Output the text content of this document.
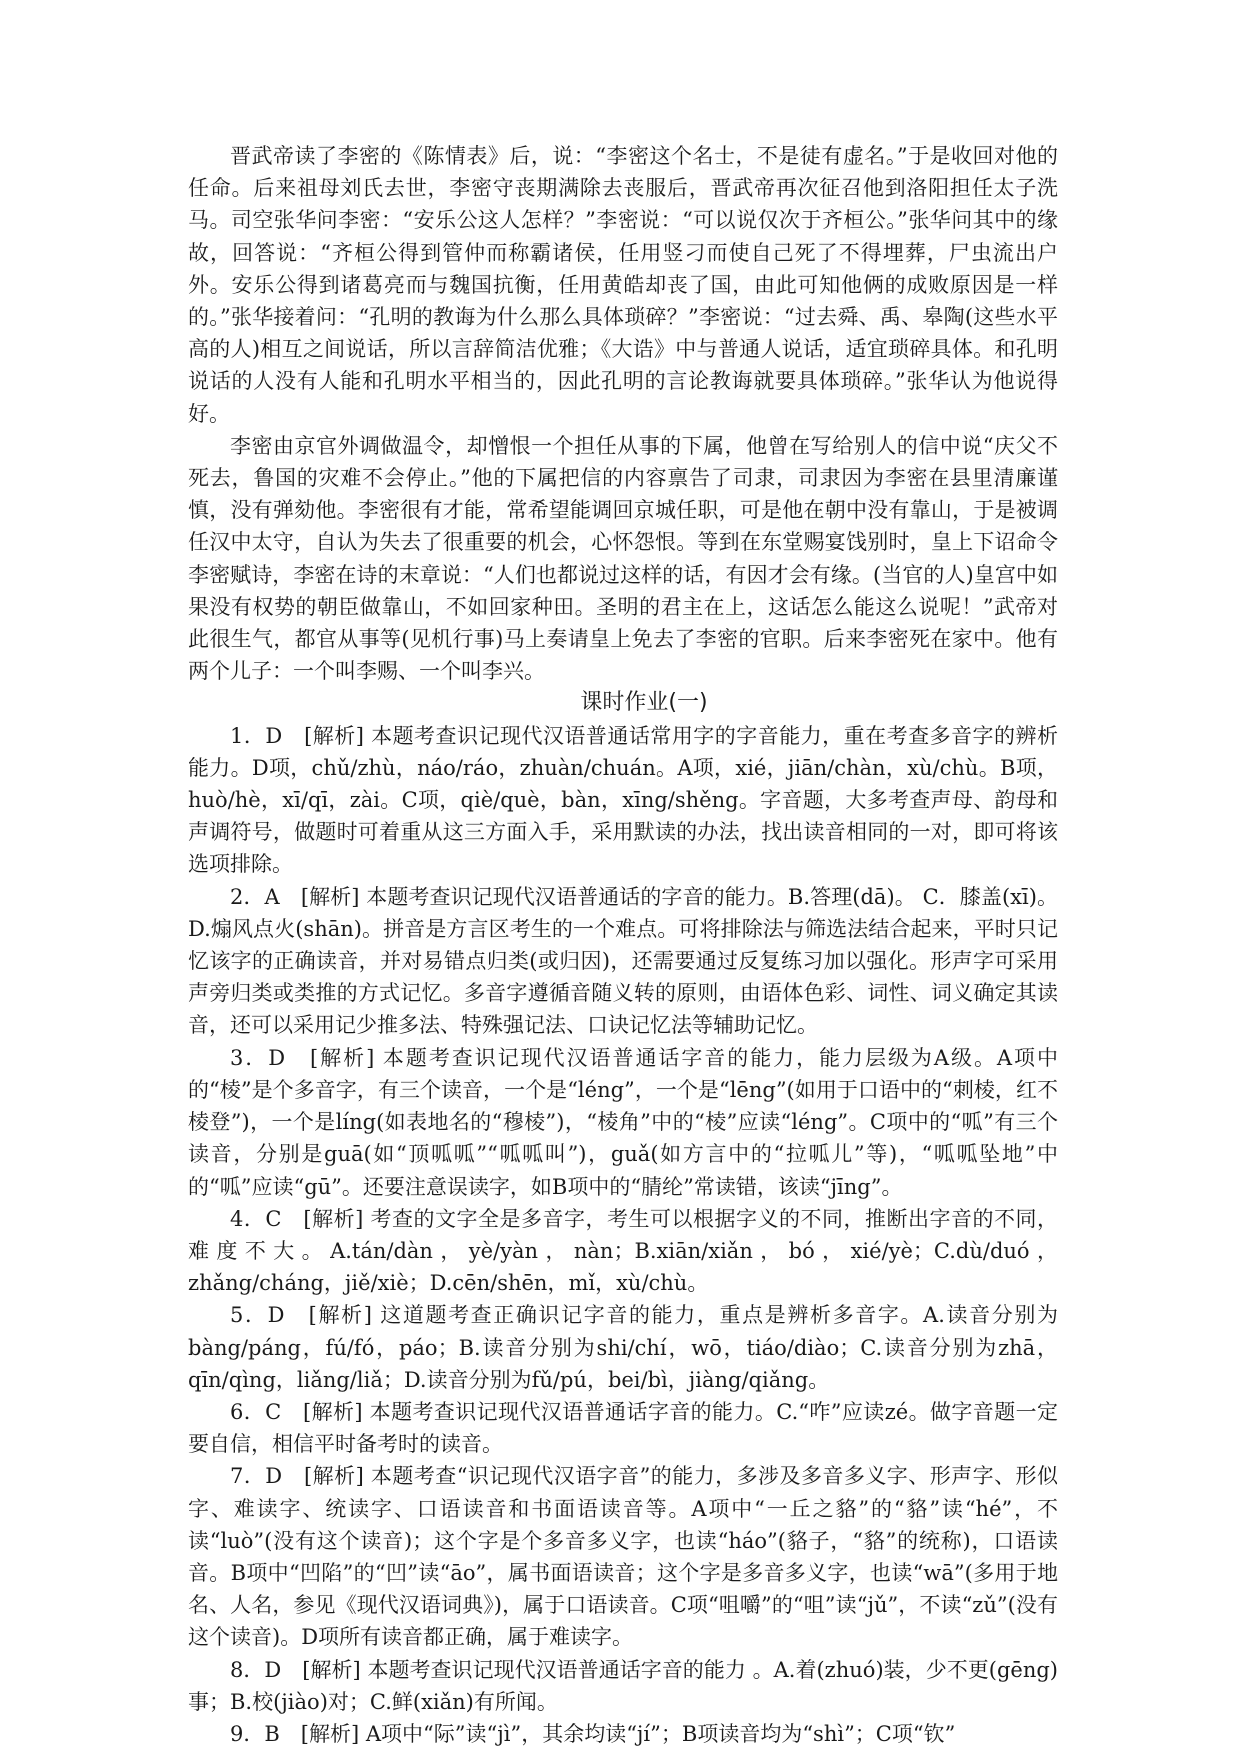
晋武帝读了李密的《陈情表》后，说：“李密这个名士，不是徒有虚名。”于是收回对他的任命。后来祖母刘氏去世，李密守丧期满除去丧服后，晋武帝再次征召他到洛阳担任太子洗马。司空张华问李密：“安乐公这人怎样？”李密说：“可以说仅次于齐桓公。”张华问其中的缘故，回答说：“齐桓公得到管仲而称霸诸侯，任用竖刁而使自己死了不得埋葬，尸虫流出户外。安乐公得到诸葛亮而与魏国抗衡，任用黄皓却丧了国，由此可知他俩的成败原因是一样的。”张华接着问：“孔明的教诲为什么那么具体琐碎？”李密说：“过去舜、禹、皋陶(这些水平高的人)相互之间说话，所以言辞简洁优雅；《大诰》中与普通人说话，适宜琐碎具体。和孔明说话的人没有人能和孔明水平相当的，因此孔明的言论教诲就要具体琐碎。”张华认为他说得好。

李密由京官外调做温令，却憎恨一个担任从事的下属，他曾在写给别人的信中说“庆父不死去，鲁国的灾难不会停止。”他的下属把信的内容禀告了司隶，司隶因为李密在县里清廉谨慎，没有弹劾他。李密很有才能，常希望能调回京城任职，可是他在朝中没有靠山，于是被调任汉中太守，自认为失去了很重要的机会，心怀怨恨。等到在东堂赐宴饯别时，皇上下诏命令李密赋诗，李密在诗的末章说：“人们也都说过这样的话，有因才会有缘。(当官的人)皇宫中如果没有权势的朝臣做靠山，不如回家种田。圣明的君主在上，这话怎么能这么说呢！”武帝对此很生气，都官从事等(见机行事)马上奏请皇上免去了李密的官职。后来李密死在家中。他有两个儿子：一个叫李赐、一个叫李兴。

课时作业(一)

1．D　[解析] 本题考查识记现代汉语普通话常用字的字音能力，重在考查多音字的辨析能力。D项，chǔ/zhù，náo/ráo，zhuàn/chuán。A项，xié，jiān/chàn，xù/chù。B项，huò/hè，xī/qī，zài。C项，qiè/què，bàn，xīng/shěng。字音题，大多考查声母、韵母和声调符号，做题时可着重从这三方面入手，采用默读的办法，找出读音相同的一对，即可将该选项排除。

2．A　[解析] 本题考查识记现代汉语普通话的字音的能力。B.答理(dā)。 C．膝盖(xī)。D.煽风点火(shān)。拼音是方言区考生的一个难点。可将排除法与筛选法结合起来，平时只记忆该字的正确读音，并对易错点归类(或归因)，还需要通过反复练习加以强化。形声字可采用声旁归类或类推的方式记忆。多音字遵循音随义转的原则，由语体色彩、词性、词义确定其读音，还可以采用记少推多法、特殊强记法、口诀记忆法等辅助记忆。

3．D　[解析] 本题考查识记现代汉语普通话字音的能力，能力层级为A级。A项中的“棱”是个多音字，有三个读音，一个是“léng”，一个是“lēng”(如用于口语中的“刺棱，红不棱登”)，一个是líng(如表地名的“穆棱”)，“棱角”中的“棱”应读“léng”。C项中的“呱”有三个读音，分别是guā(如“顶呱呱”“呱呱叫”)，guǎ(如方言中的“拉呱儿”等)，“呱呱坠地”中的“呱”应读“gū”。还要注意误读字，如B项中的“腈纶”常读错，该读“jīng”。

4．C　[解析] 考查的文字全是多音字，考生可以根据字义的不同，推断出字音的不同，难度不大。A.tán/dàn，yè/yàn，nàn；B.xiān/xiǎn，bó，xié/yè；C.dù/duó，zhǎng/cháng，jiě/xiè；D.cēn/shēn，mǐ，xù/chù。

5．D　[解析] 这道题考查正确识记字音的能力，重点是辨析多音字。A.读音分别为bàng/páng，fú/fó，páo；B.读音分别为shi/chí，wō，tiáo/diào；C.读音分别为zhā，qīn/qìng，liǎng/liǎ；D.读音分别为fǔ/pú，bei/bì，jiàng/qiǎng。

6．C　[解析] 本题考查识记现代汉语普通话字音的能力。C.“咋”应读zé。做字音题一定要自信，相信平时备考时的读音。

7．D　[解析] 本题考查“识记现代汉语字音”的能力，多涉及多音多义字、形声字、形似字、难读字、统读字、口语读音和书面语读音等。A项中“一丘之貉”的“貉”读“hé”，不读“luò”(没有这个读音)；这个字是个多音多义字，也读“háo”(貉子，“貉”的统称)，口语读音。B项中“凹陷”的“凹”读“āo”，属书面语读音；这个字是多音多义字，也读“wā”(多用于地名、人名，参见《现代汉语词典》)，属于口语读音。C项“咀嚼”的“咀”读“jǔ”，不读“zǔ”(没有这个读音)。D项所有读音都正确，属于难读字。

8．D　[解析] 本题考查识记现代汉语普通话字音的能力 。A.着(zhuó)装，少不更(gēng)事；B.校(jiào)对；C.鲜(xiǎn)有所闻。

9．B　[解析] A项中“际”读“jì”，其余均读“jí”；B项读音均为“shì”；C项“钦”
